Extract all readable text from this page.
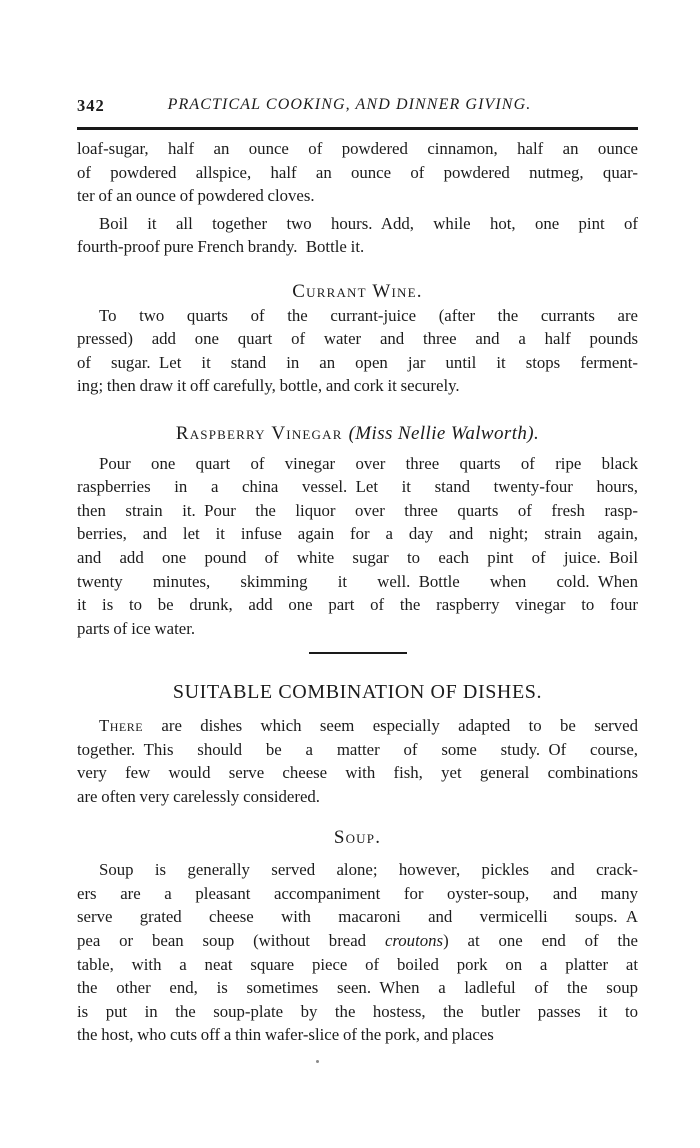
342	PRACTICAL COOKING, AND DINNER GIVING.
loaf-sugar, half an ounce of powdered cinnamon, half an ounce
of powdered allspice, half an ounce of powdered nutmeg, quar-
ter of an ounce of powdered cloves.
Boil it all together two hours. Add, while hot, one pint of
fourth-proof pure French brandy. Bottle it.
Currant Wine.
To two quarts of the currant-juice (after the currants are
pressed) add one quart of water and three and a half pounds
of sugar. Let it stand in an open jar until it stops ferment-
ing; then draw it off carefully, bottle, and cork it securely.
Raspberry Vinegar (Miss Nellie Walworth).
Pour one quart of vinegar over three quarts of ripe black
raspberries in a china vessel. Let it stand twenty-four hours,
then strain it. Pour the liquor over three quarts of fresh rasp-
berries, and let it infuse again for a day and night; strain again,
and add one pound of white sugar to each pint of juice. Boil
twenty minutes, skimming it well. Bottle when cold. When
it is to be drunk, add one part of the raspberry vinegar to four
parts of ice water.
SUITABLE COMBINATION OF DISHES.
There are dishes which seem especially adapted to be served
together. This should be a matter of some study. Of course,
very few would serve cheese with fish, yet general combinations
are often very carelessly considered.
Soup.
Soup is generally served alone; however, pickles and crack-
ers are a pleasant accompaniment for oyster-soup, and many
serve grated cheese with macaroni and vermicelli soups. A
pea or bean soup (without bread croutons) at one end of the
table, with a neat square piece of boiled pork on a platter at
the other end, is sometimes seen. When a ladleful of the soup
is put in the soup-plate by the hostess, the butler passes it to
the host, who cuts off a thin wafer-slice of the pork, and places
